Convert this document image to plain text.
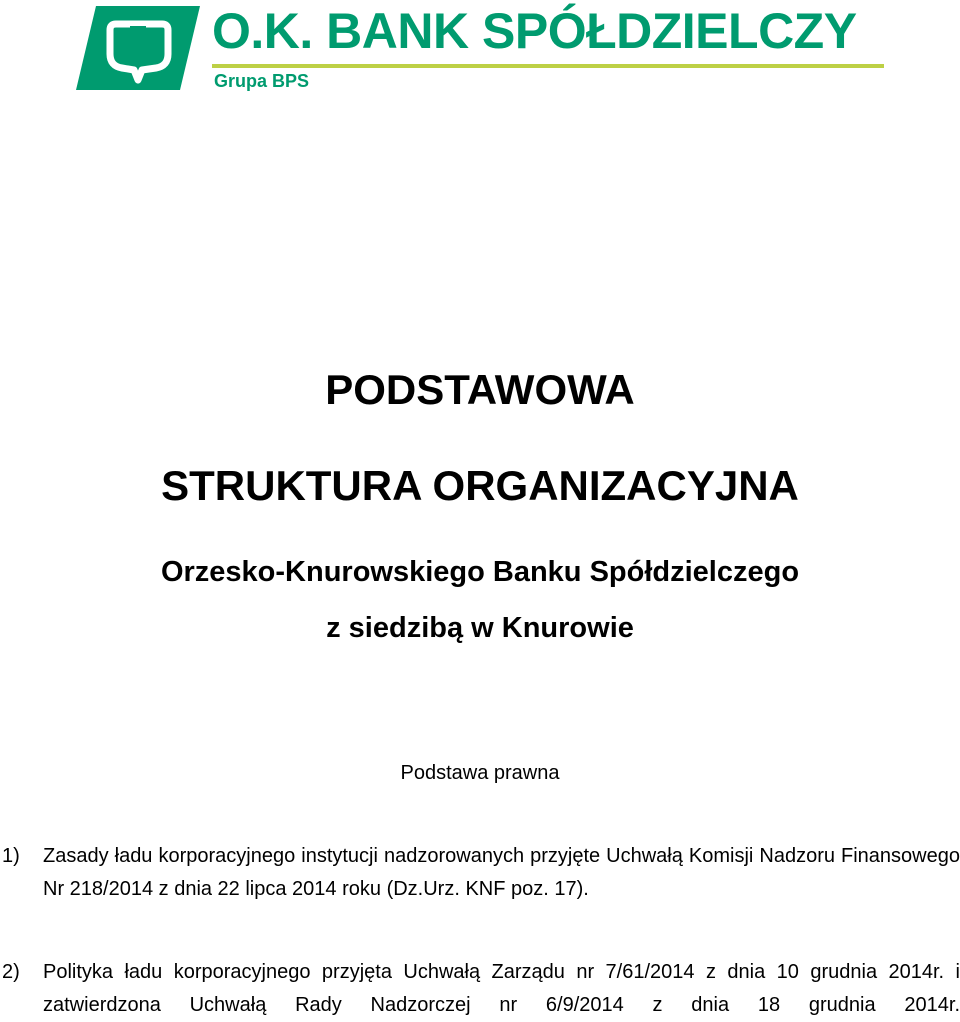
O.K. BANK SPÓŁDZIELCZY
Grupa BPS
PODSTAWOWA
STRUKTURA ORGANIZACYJNA
Orzesko-Knurowskiego Banku Spółdzielczego
z siedzibą w Knurowie
Podstawa prawna
1) Zasady ładu korporacyjnego instytucji nadzorowanych przyjęte Uchwałą Komisji Nadzoru Finansowego Nr 218/2014 z dnia 22 lipca 2014 roku (Dz.Urz. KNF poz. 17).
2) Polityka ładu korporacyjnego przyjęta Uchwałą Zarządu nr 7/61/2014 z dnia 10 grudnia 2014r. i zatwierdzona Uchwałą Rady Nadzorczej nr 6/9/2014 z dnia 18 grudnia 2014r.
